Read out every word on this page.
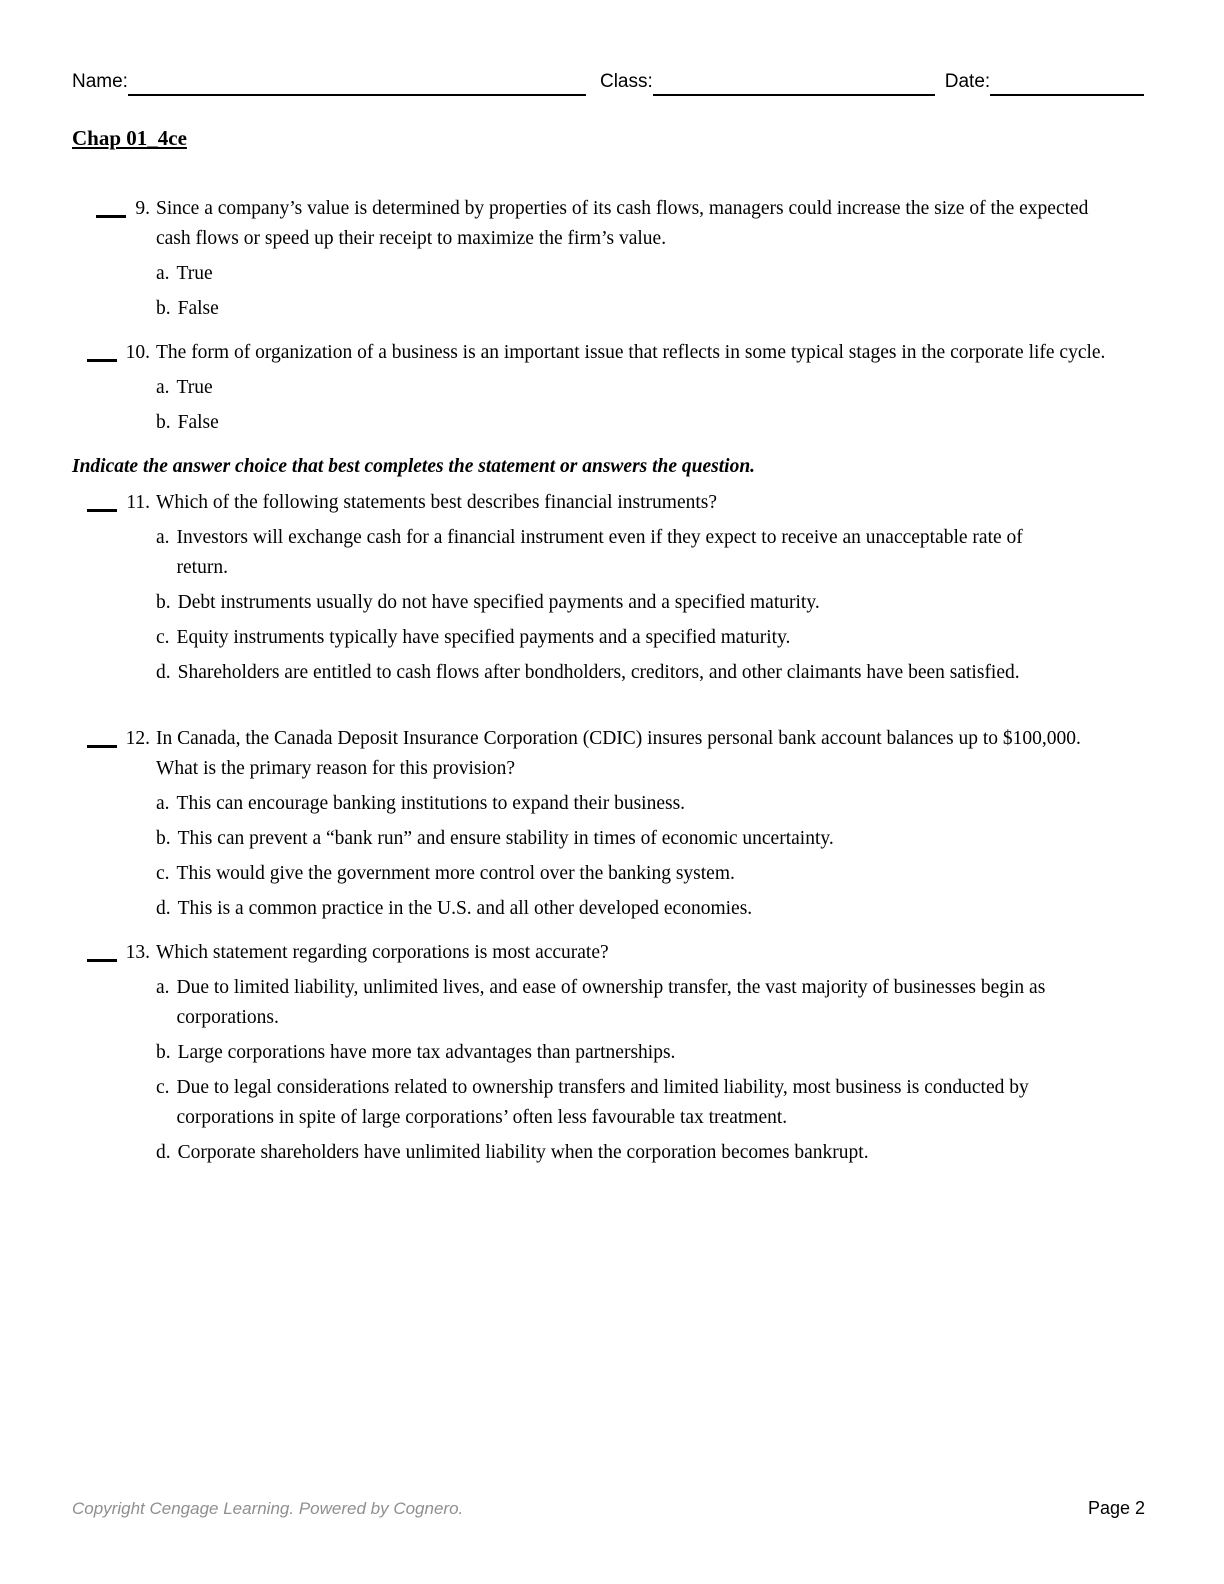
Name:	Class:	Date:
Chap 01_4ce
9. Since a company’s value is determined by properties of its cash flows, managers could increase the size of the expected cash flows or speed up their receipt to maximize the firm’s value.
a. True
b. False
10. The form of organization of a business is an important issue that reflects in some typical stages in the corporate life cycle.
a. True
b. False
Indicate the answer choice that best completes the statement or answers the question.
11. Which of the following statements best describes financial instruments?
a. Investors will exchange cash for a financial instrument even if they expect to receive an unacceptable rate of return.
b. Debt instruments usually do not have specified payments and a specified maturity.
c. Equity instruments typically have specified payments and a specified maturity.
d. Shareholders are entitled to cash flows after bondholders, creditors, and other claimants have been satisfied.
12. In Canada, the Canada Deposit Insurance Corporation (CDIC) insures personal bank account balances up to $100,000. What is the primary reason for this provision?
a. This can encourage banking institutions to expand their business.
b. This can prevent a “bank run” and ensure stability in times of economic uncertainty.
c. This would give the government more control over the banking system.
d. This is a common practice in the U.S. and all other developed economies.
13. Which statement regarding corporations is most accurate?
a. Due to limited liability, unlimited lives, and ease of ownership transfer, the vast majority of businesses begin as corporations.
b. Large corporations have more tax advantages than partnerships.
c. Due to legal considerations related to ownership transfers and limited liability, most business is conducted by corporations in spite of large corporations’ often less favourable tax treatment.
d. Corporate shareholders have unlimited liability when the corporation becomes bankrupt.
Copyright Cengage Learning. Powered by Cognero.	Page 2
